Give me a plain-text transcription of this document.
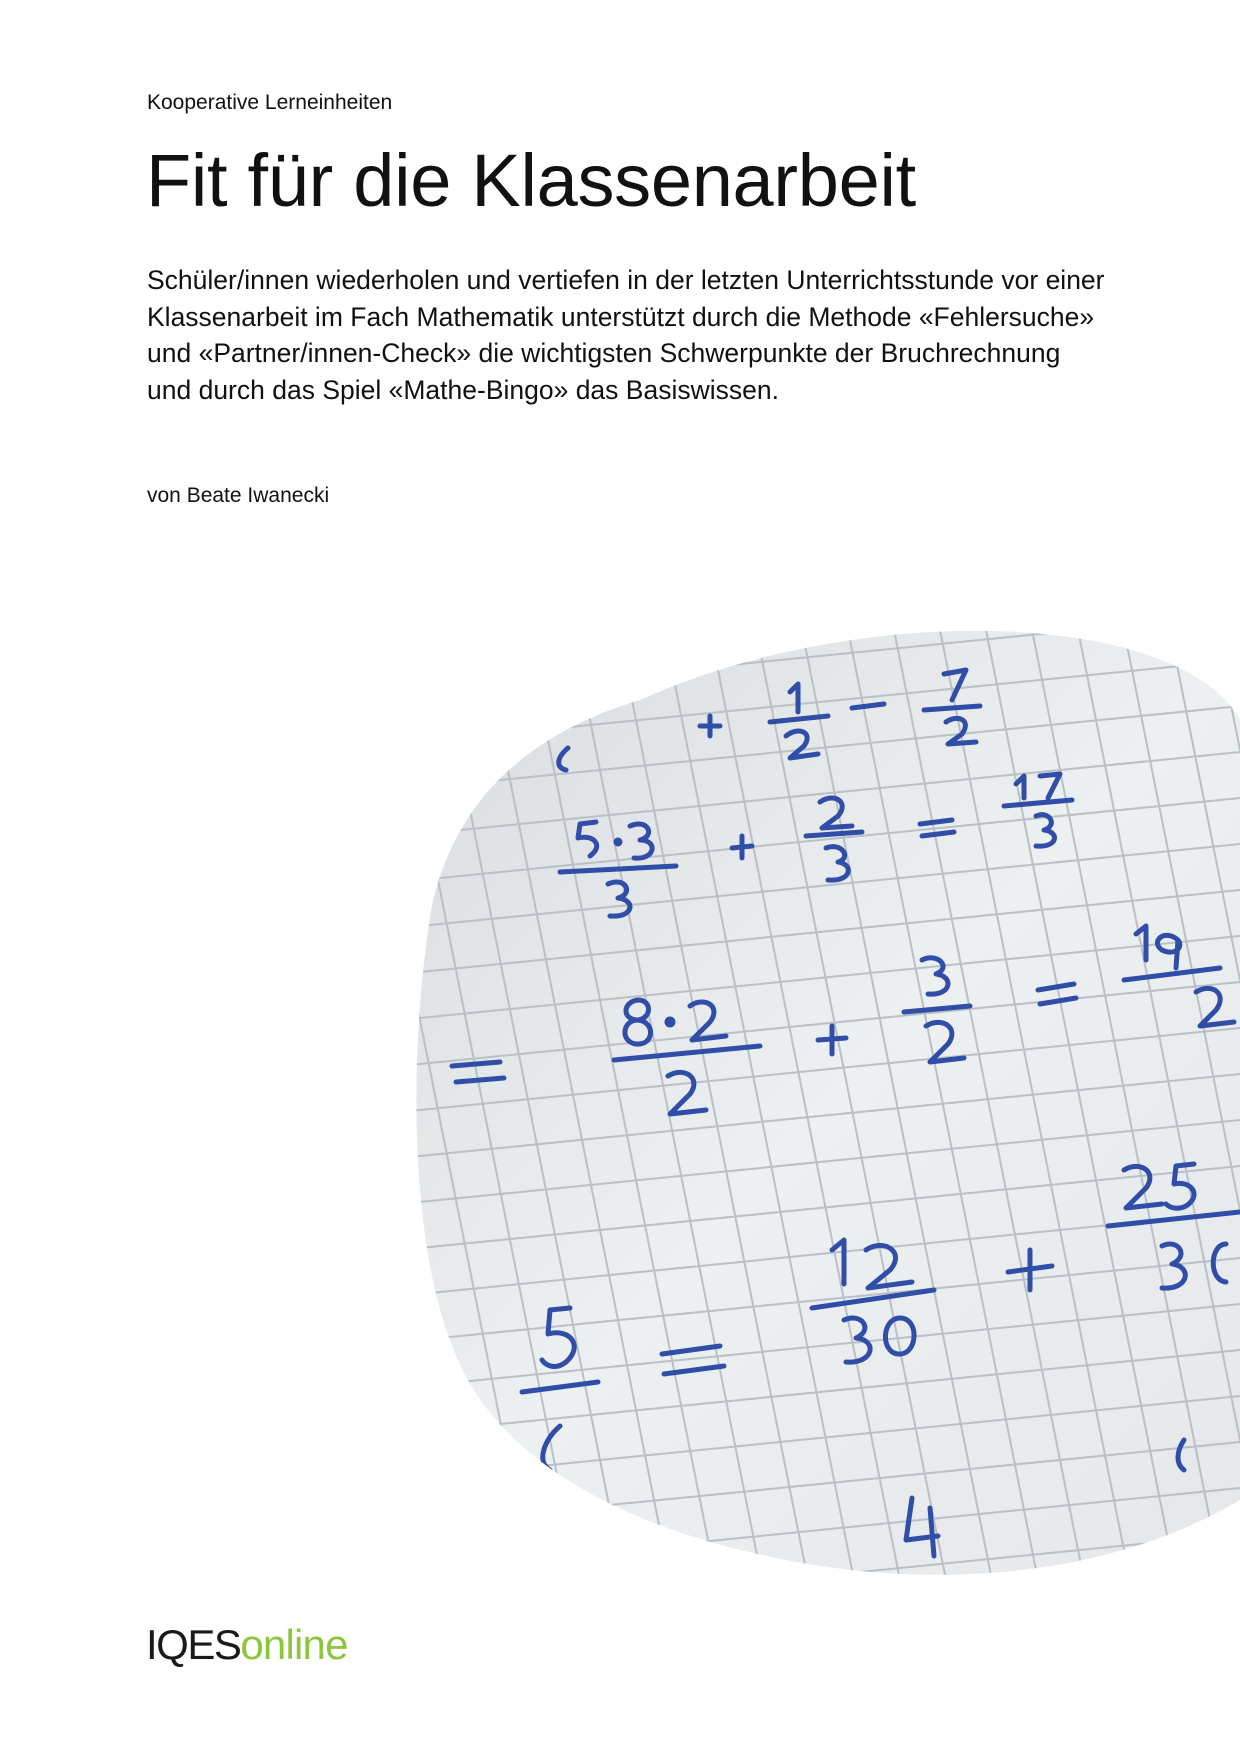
Kooperative Lerneinheiten
Fit für die Klassenarbeit

Schüler/innen wiederholen und vertiefen in der letzten Unterrichtsstunde vor einer Klassenarbeit im Fach Mathematik unterstützt durch die Methode «Fehlersuche» und «Partner/innen-Check» die wichtigsten Schwerpunkte der Bruchrechnung und durch das Spiel «Mathe-Bingo» das Basiswissen.

von Beate Iwanecki
IQESonline
